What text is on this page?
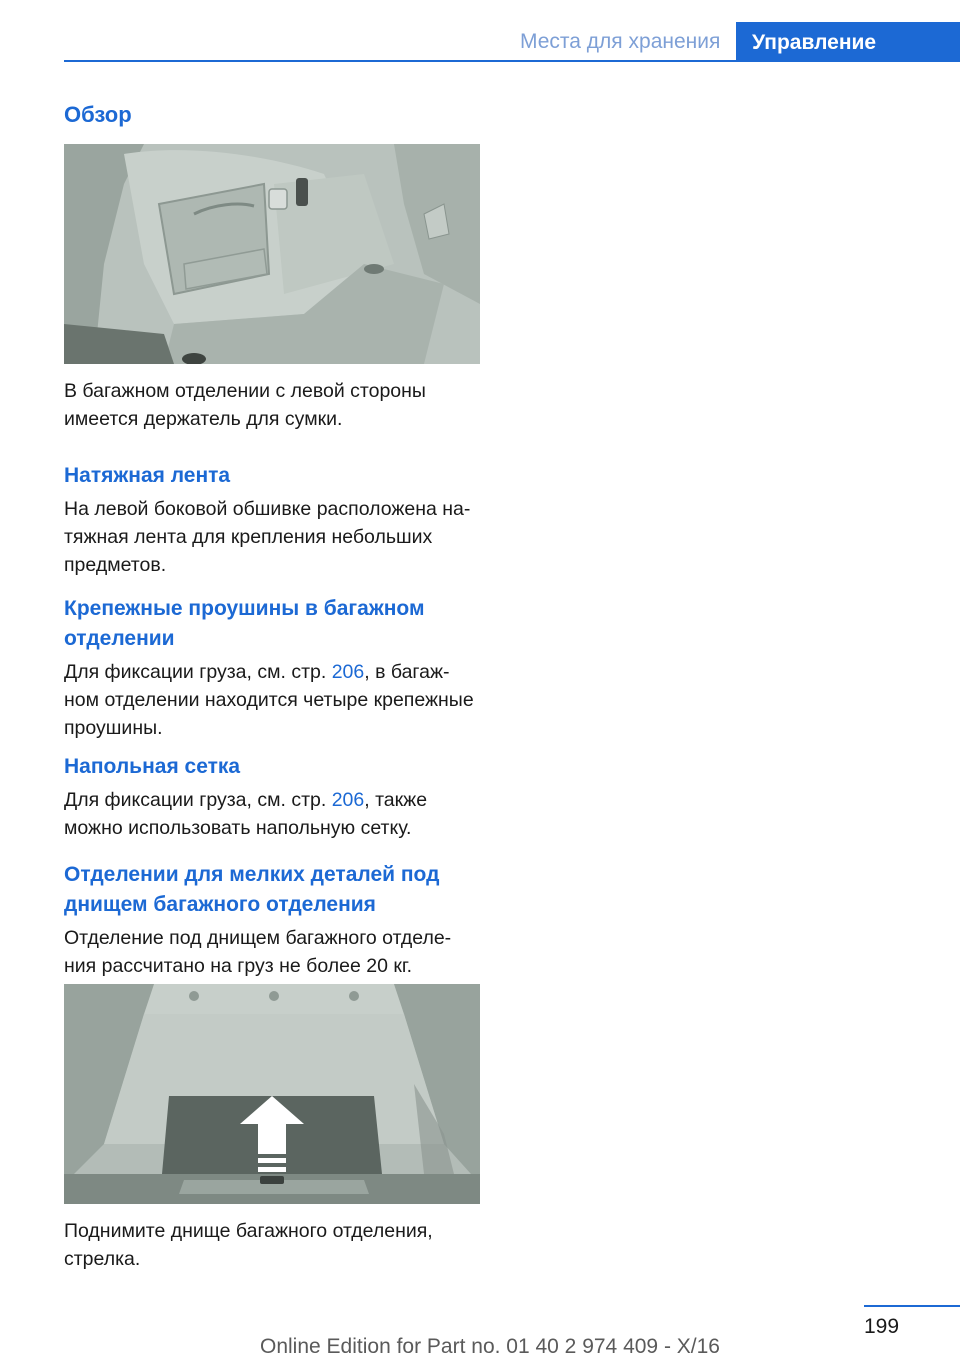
Места для хранения	Управление
Обзор

В багажном отделении с левой стороны

имеется держатель для сумки.

Натяжная лента

На левой боковой обшивке расположена на-

тяжная лента для крепления небольших

предметов.

Крепежные проушины в багажном
отделении

Для фиксации груза, см. стр. 206, в багаж-

ном отделении находится четыре крепежные

проушины.

Напольная сетка

Для фиксации груза, см. стр. 206, также

можно использовать напольную сетку.

Отделении для мелких деталей под
днищем багажного отделения

Отделение под днищем багажного отделе-

ния рассчитано на груз не более 20 кг.

Поднимите днище багажного отделения,

стрелка.

199
Online Edition for Part no. 01 40 2 974 409 - X/16
